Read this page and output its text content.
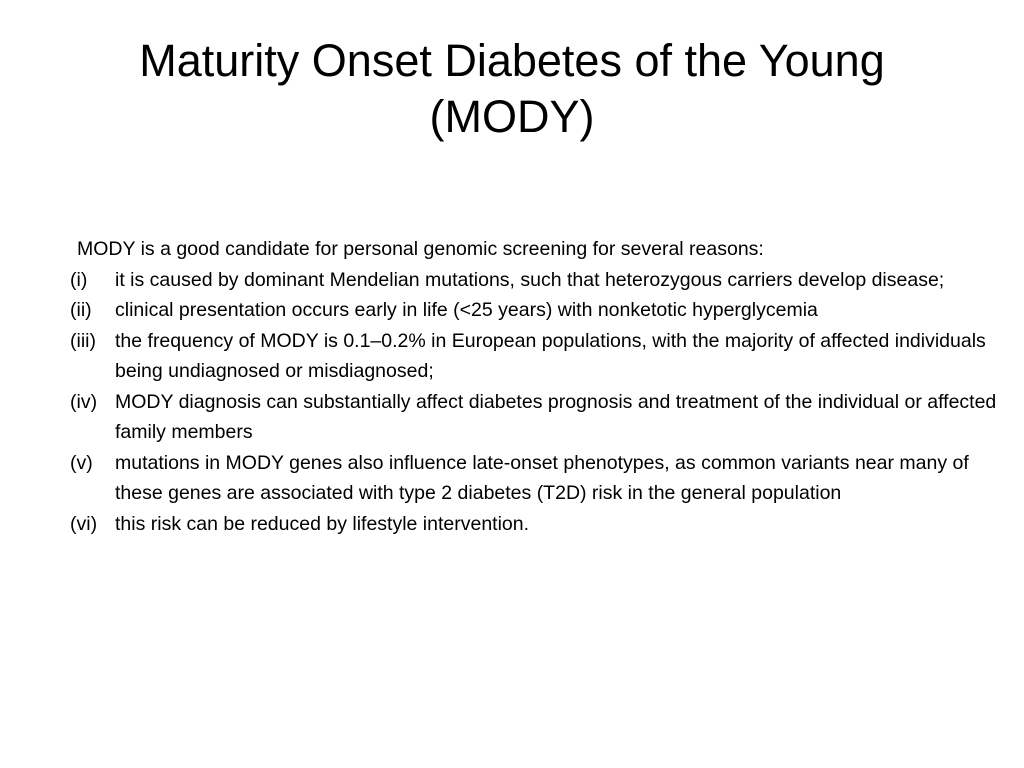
Maturity Onset Diabetes of the Young
(MODY)

MODY is a good candidate for personal genomic screening for several reasons:

(i) it is caused by dominant Mendelian mutations, such that heterozygous carriers develop disease;
(ii) clinical presentation occurs early in life (<25 years) with nonketotic hyperglycemia
(iii) the frequency of MODY is 0.1–0.2% in European populations, with the majority of affected individuals being undiagnosed or misdiagnosed;
(iv) MODY diagnosis can substantially affect diabetes prognosis and treatment of the individual or affected family members
(v) mutations in MODY genes also influence late-onset phenotypes, as common variants near many of these genes are associated with type 2 diabetes (T2D) risk in the general population
(vi) this risk can be reduced by lifestyle intervention.
